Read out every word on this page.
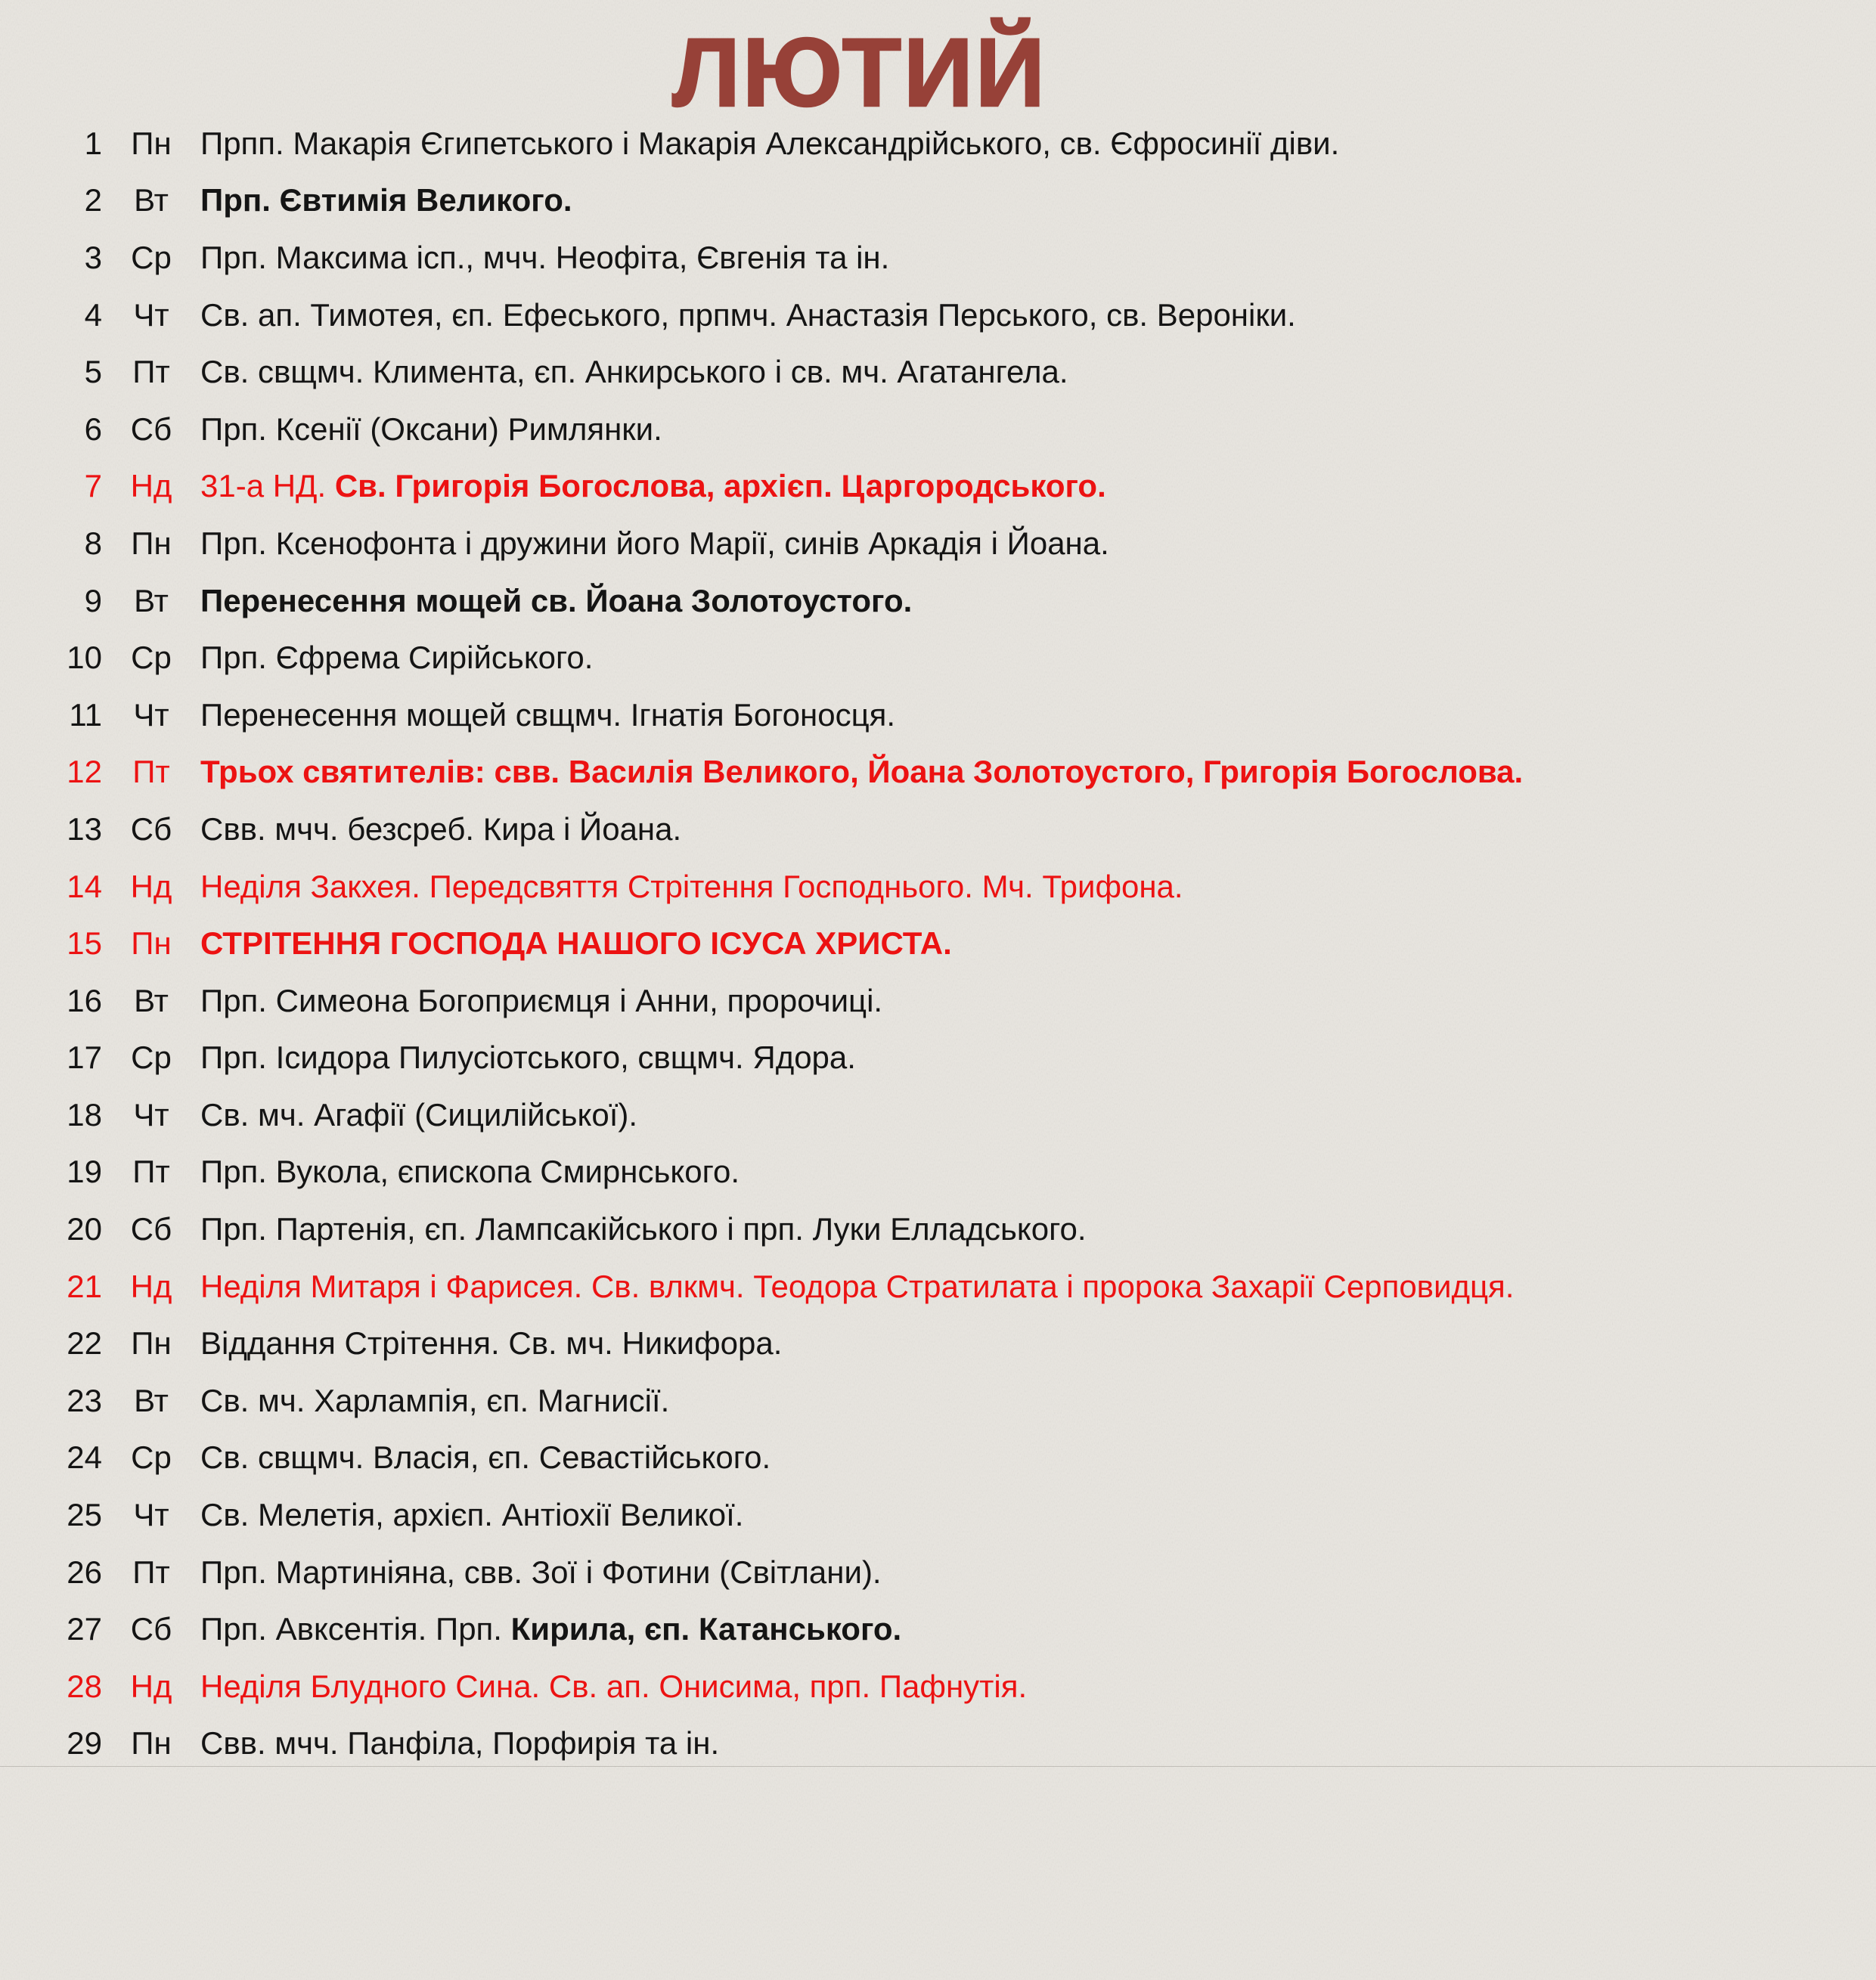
ЛЮТИЙ
1 Пн Прпп. Макарія Єгипетського і Макарія Александрійського, св. Єфросинії діви.
2	Вт	Прп. Євтимія Великого.
3 Ср Прп. Максима ісп., мчч. Неофіта, Євгенія та ін.
4 Чт Св. ап. Тимотея, єп. Ефеського, прпмч. Анастазія Перського, св. Вероніки.
5 Пт Св. свщмч. Климента, єп. Анкирського і св. мч. Агатангела.
6 Сб Прп. Ксенії (Оксани) Римлянки.
7 Нд 31-а НД. Св. Григорія Богослова, архієп. Царгородського.
8 Пн Прп. Ксенофонта і дружини його Марії, синів Аркадія і Йоана.
9	Вт	Перенесення мощей св. Йоана Золотоустого.
10 Ср Прп. Єфрема Сирійського.
11 Чт Перенесення мощей свщмч. Ігнатія Богоносця.
12 Пт Трьох святителів: свв. Василія Великого, Йоана Золотоустого, Григорія Богослова.
13 Сб Свв. мчч. безсреб. Кира і Йоана.
14 Нд Неділя Закхея. Передсвяття Стрітення Господнього. Мч. Трифона.
15 Пн СТРІТЕННЯ ГОСПОДА НАШОГО ІСУСА ХРИСТА.
16	Вт	Прп. Симеона Богоприємця і Анни, пророчиці.
17 Ср Прп. Ісидора Пилусіотського, свщмч. Ядора.
18 Чт Св. мч. Агафії (Сицилійської).
19 Пт Прп. Вукола, єпископа Смирнського.
20 Сб Прп. Партенія, єп. Лампсакійського і прп. Луки Елладського.
21 Нд Неділя Митаря і Фарисея. Св. влкмч. Теодора Стратилата і пророка Захарії Серповидця.
22 Пн Віддання Стрітення. Св. мч. Никифора.
23	Вт	Св. мч. Харлампія, єп. Магнисії.
24 Ср Св. свщмч. Власія, єп. Севастійського.
25 Чт Св. Мелетія, архієп. Антіохії Великої.
26 Пт Прп. Мартиніяна, свв. Зої і Фотини (Світлани).
27 Сб Прп. Авксентія. Прп. Кирила, єп. Катанського.
28 Нд Неділя Блудного Сина. Св. ап. Онисима, прп. Пафнутія.
29 Пн Свв. мчч. Панфіла, Порфирія та ін.
